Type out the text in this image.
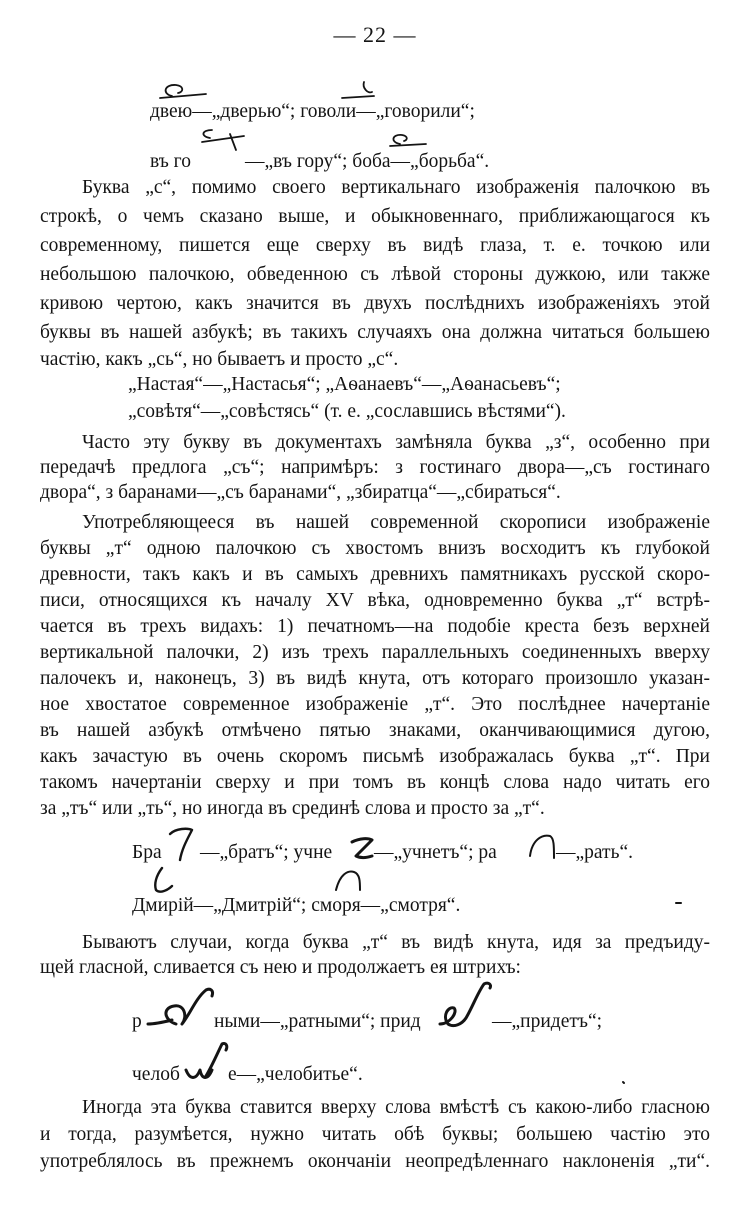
— 22 —
двею—„дверью“; говоли—„говорили“;
въ го	—„въ гору“; боба—„борьба“.
Буква „с“, помимо своего вертикальнаго изображенія палочкою въ
строкѣ, о чемъ сказано выше, и обыкновеннаго, приближающагося къ
современному, пишется еще сверху въ видѣ глаза, т. е. точкою или
небольшою палочкою, обведенною съ лѣвой стороны дужкою, или также
кривою чертою, какъ значится въ двухъ послѣднихъ изображеніяхъ этой
буквы въ нашей азбукѣ; въ такихъ случаяхъ она должна читаться большею
частію, какъ „сь“, но бываетъ и просто „с“.
„Настая“—„Настасья“; „Аѳанаевъ“—„Аѳанасьевъ“;
„совѣтя“—„совѣстясь“ (т. е. „сославшись вѣстями“).
Часто эту букву въ документахъ замѣняла буква „з“, особенно при
передачѣ предлога „съ“; напримѣръ: з гостинаго двора—„съ гостинаго
двора“, з баранами—„съ баранами“, „збиратца“—„сбираться“.
Употребляющееся въ нашей современной скорописи изображеніе
буквы „т“ одною палочкою съ хвостомъ внизъ восходитъ къ глубокой
древности, такъ какъ и въ самыхъ древнихъ памятникахъ русской скоро-
писи, относящихся къ началу XV вѣка, одновременно буква „т“ встрѣ-
чается въ трехъ видахъ: 1) печатномъ—на подобіе креста безъ верхней
вертикальной палочки, 2) изъ трехъ параллельныхъ соединенныхъ вверху
палочекъ и, наконецъ, 3) въ видѣ кнута, отъ котораго произошло указан-
ное хвостатое современное изображеніе „т“. Это послѣднее начертаніе
въ нашей азбукѣ отмѣчено пятью знаками, оканчивающимися дугою,
какъ зачастую въ очень скоромъ письмѣ изображалась буква „т“. При
такомъ начертаніи сверху и при томъ въ концѣ слова надо читать его
за „тъ“ или „ть“, но иногда въ срединѣ слова и просто за „т“.
Бра —„братъ“; учне —„учнетъ“; ра	—„рать“.
Дмирій—„Дмитрій“; сморя—„смотря“.
Бываютъ случаи, когда буква „т“ въ видѣ кнута, идя за предъиду-
щей гласной, сливается съ нею и продолжаетъ ея штрихъ:
р	ными—„ратными“; прид	—„придетъ“;
челоб е—„челобитье“.
Иногда эта буква ставится вверху слова вмѣстѣ съ какою-либо гласною
и тогда, разумѣется, нужно читать обѣ буквы; большею частію это
употреблялось въ прежнемъ окончаніи неопредѣленнаго наклоненія „ти“.
